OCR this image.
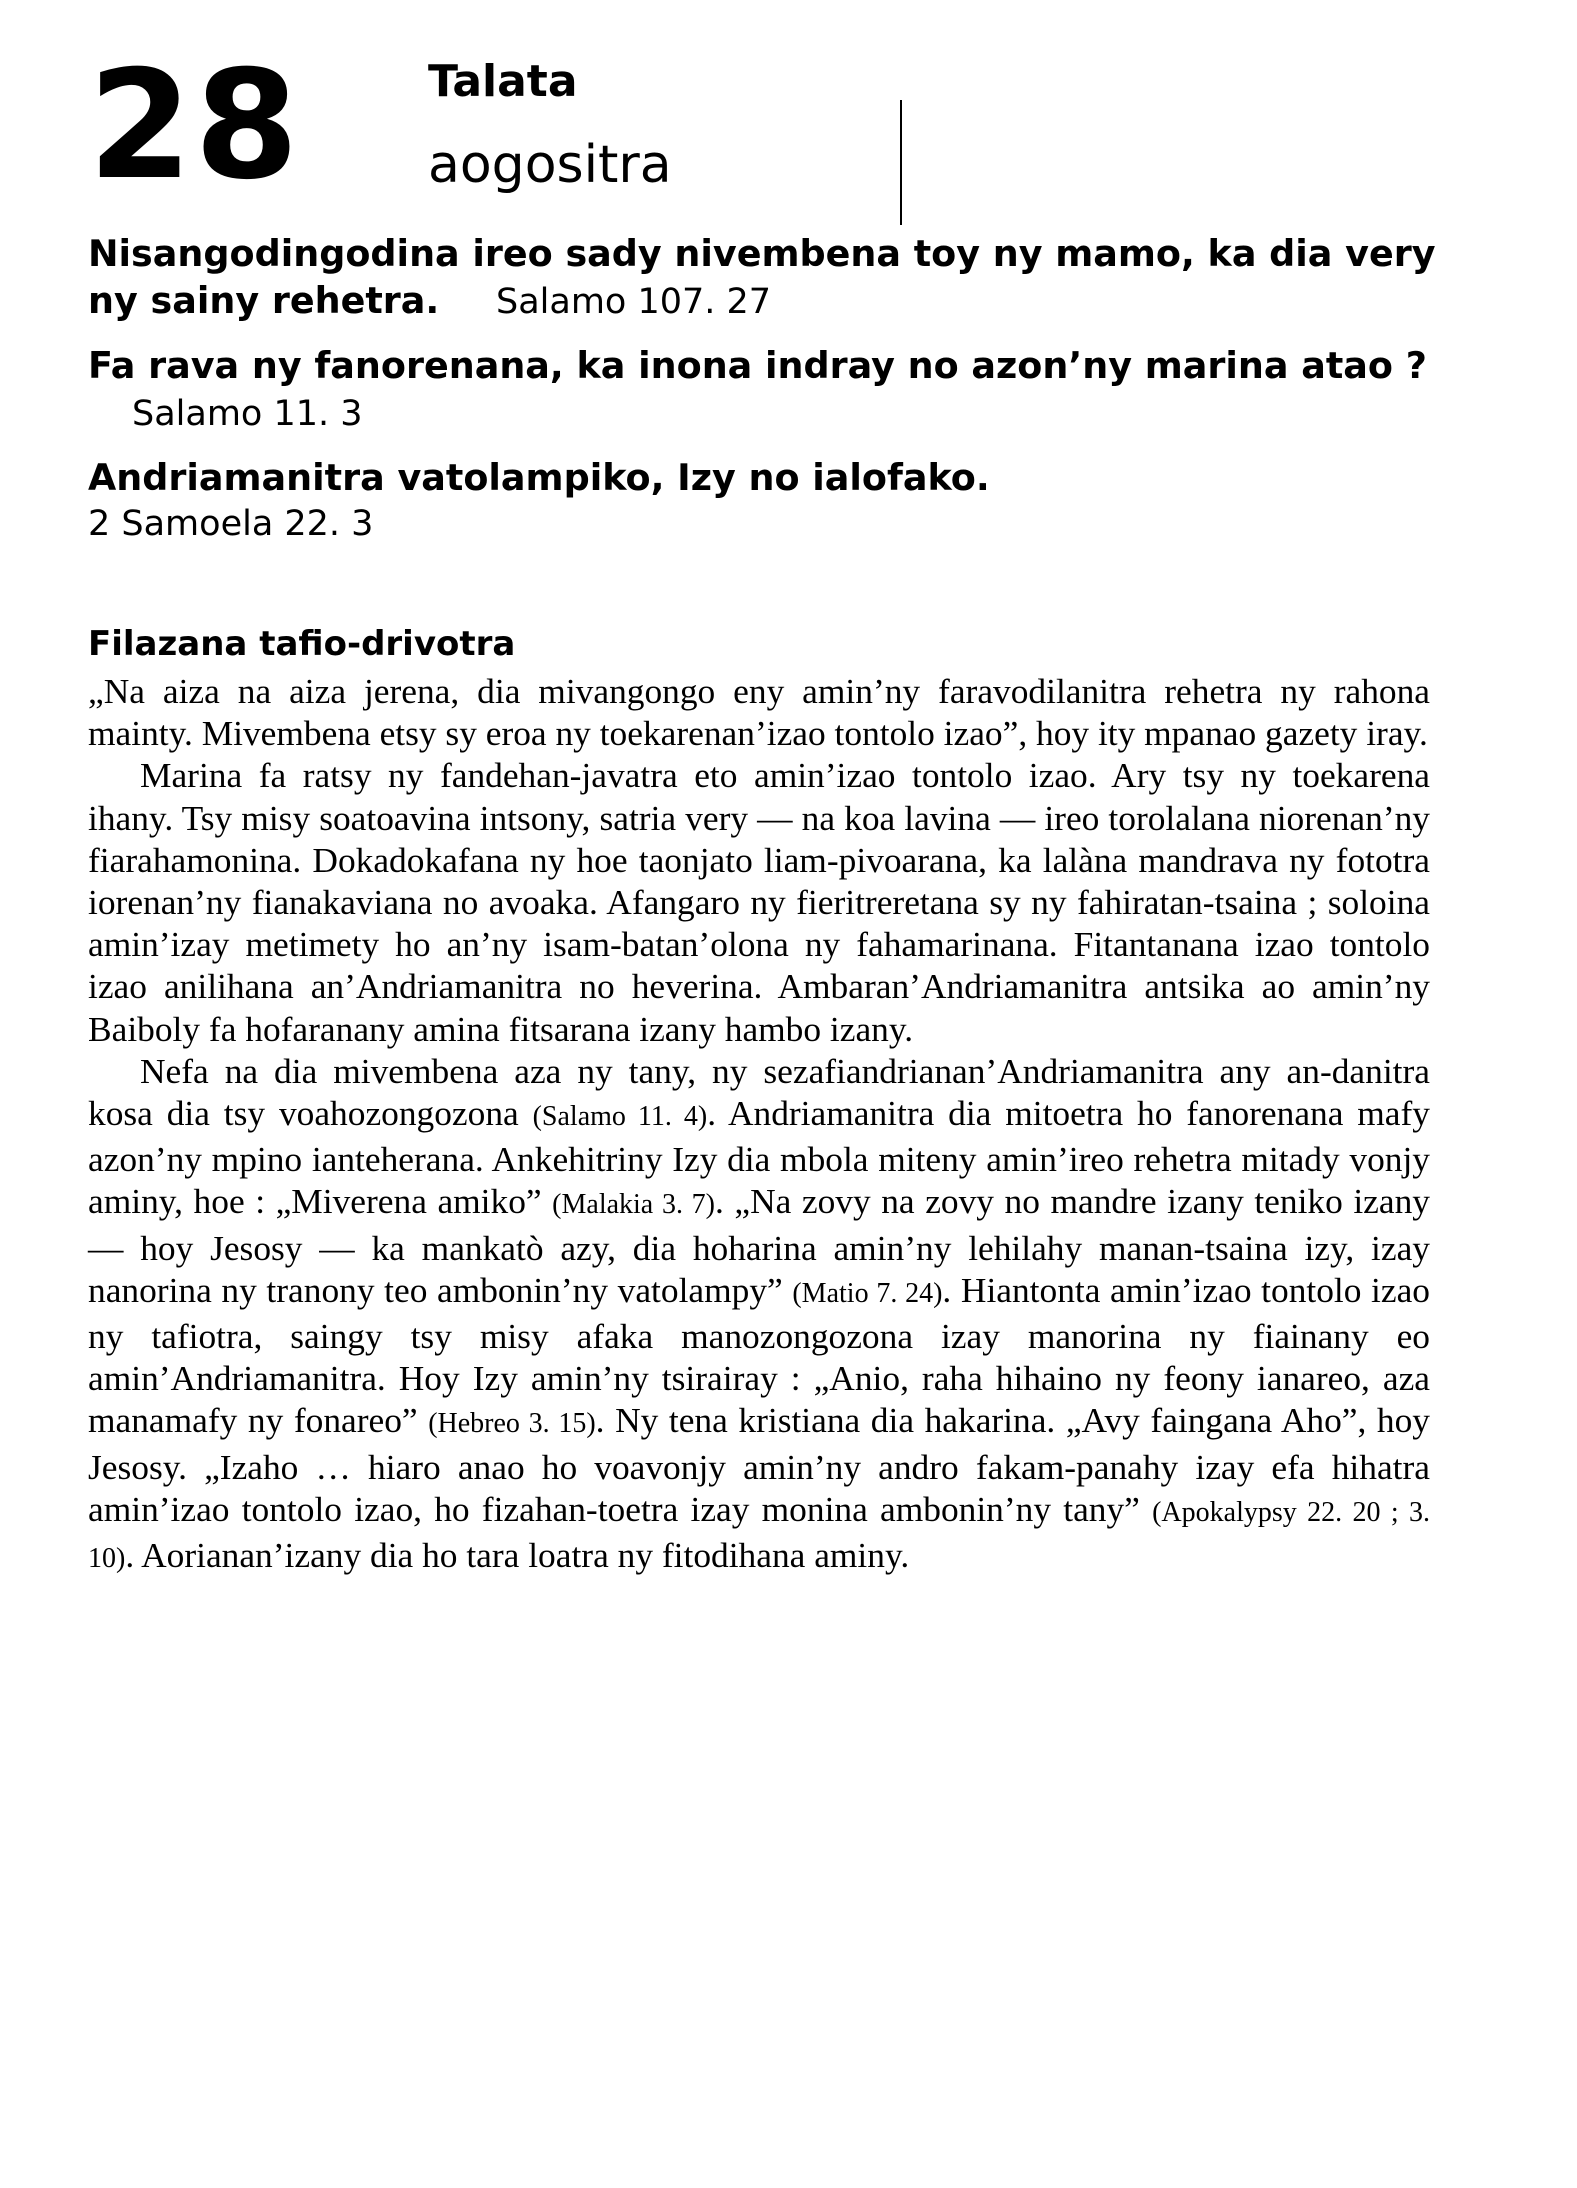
28	Talata
aogositra

Nisangodingodina ireo sady nivembena toy ny mamo, ka dia very ny sainy rehetra. Salamo 107. 27

Fa rava ny fanorenana, ka inona indray no azon’ny marina atao ? Salamo 11. 3

Andriamanitra vatolampiko, Izy no ialofako.
2 Samoela 22. 3

Filazana tafio-drivotra

„Na aiza na aiza jerena, dia mivangongo eny amin’ny faravodilanitra rehetra ny rahona mainty. Mivembena etsy sy eroa ny toekarenan’izao tontolo izao”, hoy ity mpanao gazety iray.

Marina fa ratsy ny fandehan-javatra eto amin’izao tontolo izao. Ary tsy ny toekarena ihany. Tsy misy soatoavina intsony, satria very — na koa lavina — ireo torolalana niorenan’ny fiarahamonina. Dokadokafana ny hoe taonjato liam-pivoarana, ka lalàna mandrava ny fototra iorenan’ny fianakaviana no avoaka. Afangaro ny fieritreretana sy ny fahiratan-tsaina ; soloina amin’izay metimety ho an’ny isam-batan’olona ny fahamarinana. Fitantanana izao tontolo izao anilihana an’Andriamanitra no heverina. Ambaran’Andriamanitra antsika ao amin’ny Baiboly fa hofaranany amina fitsarana izany hambo izany.

Nefa na dia mivembena aza ny tany, ny sezafiandrianan’Andriamanitra any an-danitra kosa dia tsy voahozongozona (Salamo 11. 4). Andriamanitra dia mitoetra ho fanorenana mafy azon’ny mpino ianteherana. Ankehitriny Izy dia mbola miteny amin’ireo rehetra mitady vonjy aminy, hoe : „Miverena amiko” (Malakia 3. 7). „Na zovy na zovy no mandre izany teniko izany — hoy Jesosy — ka mankatò azy, dia hoharina amin’ny lehilahy manan-tsaina izy, izay nanorina ny tranony teo ambonin’ny vatolampy” (Matio 7. 24). Hiantonta amin’izao tontolo izao ny tafiotra, saingy tsy misy afaka manozongozona izay manorina ny fiainany eo amin’Andriamanitra. Hoy Izy amin’ny tsirairay : „Anio, raha hihaino ny feony ianareo, aza manamafy ny fonareo” (Hebreo 3. 15). Ny tena kristiana dia hakarina. „Avy faingana Aho”, hoy Jesosy. „Izaho … hiaro anao ho voavonjy amin’ny andro fakam-panahy izay efa hihatra amin’izao tontolo izao, ho fizahan-toetra izay monina ambonin’ny tany” (Apokalypsy 22. 20 ; 3. 10). Aorianan’izany dia ho tara loatra ny fitodihana aminy.
